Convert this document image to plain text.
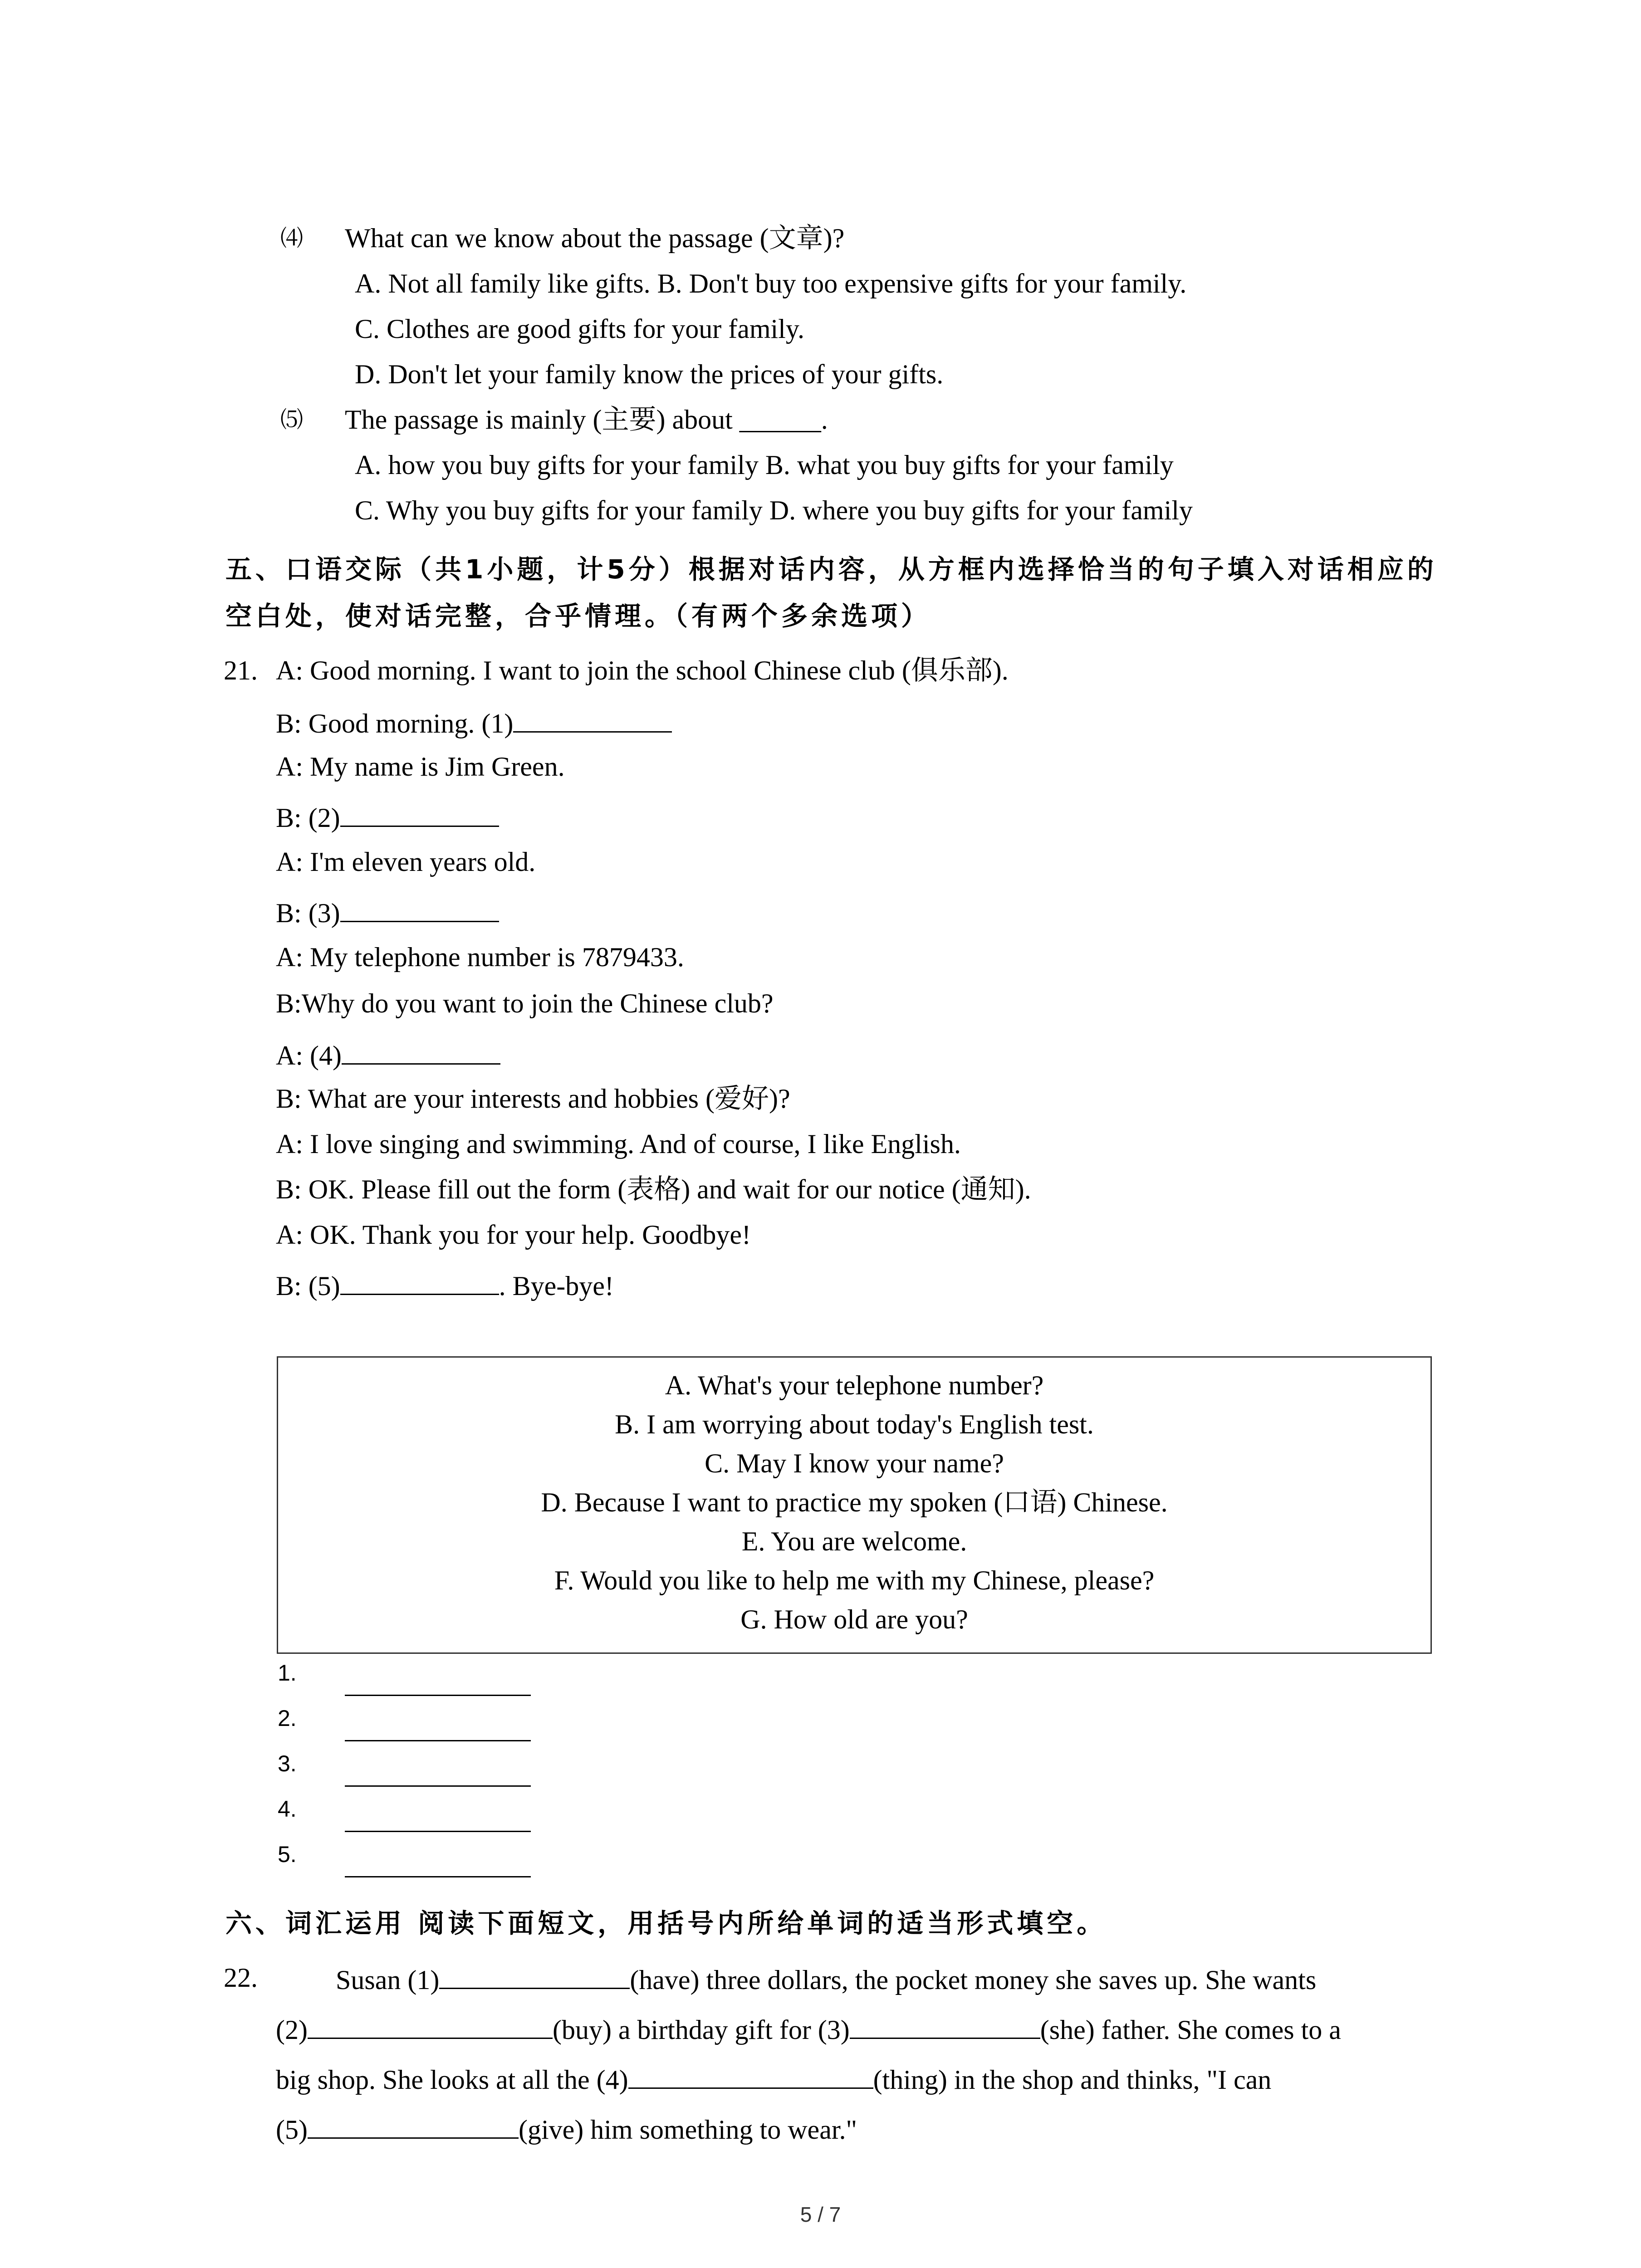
⑷ What can we know about the passage (文章)?
A. Not all family like gifts. B. Don't buy too expensive gifts for your family.
C. Clothes are good gifts for your family.
D. Don't let your family know the prices of your gifts.
⑸ The passage is mainly (主要) about ______.
A. how you buy gifts for your family B. what you buy gifts for your family
C. Why you buy gifts for your family D. where you buy gifts for your family
五、口语交际（共1小题，计5分）根据对话内容，从方框内选择恰当的句子填入对话相应的
空白处，使对话完整，合乎情理。（有两个多余选项）
21. A: Good morning. I want to join the school Chinese club (俱乐部).
B: Good morning. (1)
A: My name is Jim Green.
B: (2)
A: I'm eleven years old.
B: (3)
A: My telephone number is 7879433.
B:Why do you want to join the Chinese club?
A: (4)
B: What are your interests and hobbies (爱好)?
A: I love singing and swimming. And of course, I like English.
B: OK. Please fill out the form (表格) and wait for our notice (通知).
A: OK. Thank you for your help. Goodbye!
B: (5)	. Bye-bye!
A. What's your telephone number?
B. I am worrying about today's English test.
C. May I know your name?
D. Because I want to practice my spoken (口语) Chinese.
E. You are welcome.
F. Would you like to help me with my Chinese, please?
G. How old are you?
1.
2.
3.
4.
5.
六、词汇运用 阅读下面短文，用括号内所给单词的适当形式填空。
22.	Susan (1)	(have) three dollars, the pocket money she saves up. She wants
(2)	(buy) a birthday gift for (3)	(she) father. She comes to a
big shop. She looks at all the (4)	(thing) in the shop and thinks, "I can
(5)	(give) him something to wear."
5 / 7
